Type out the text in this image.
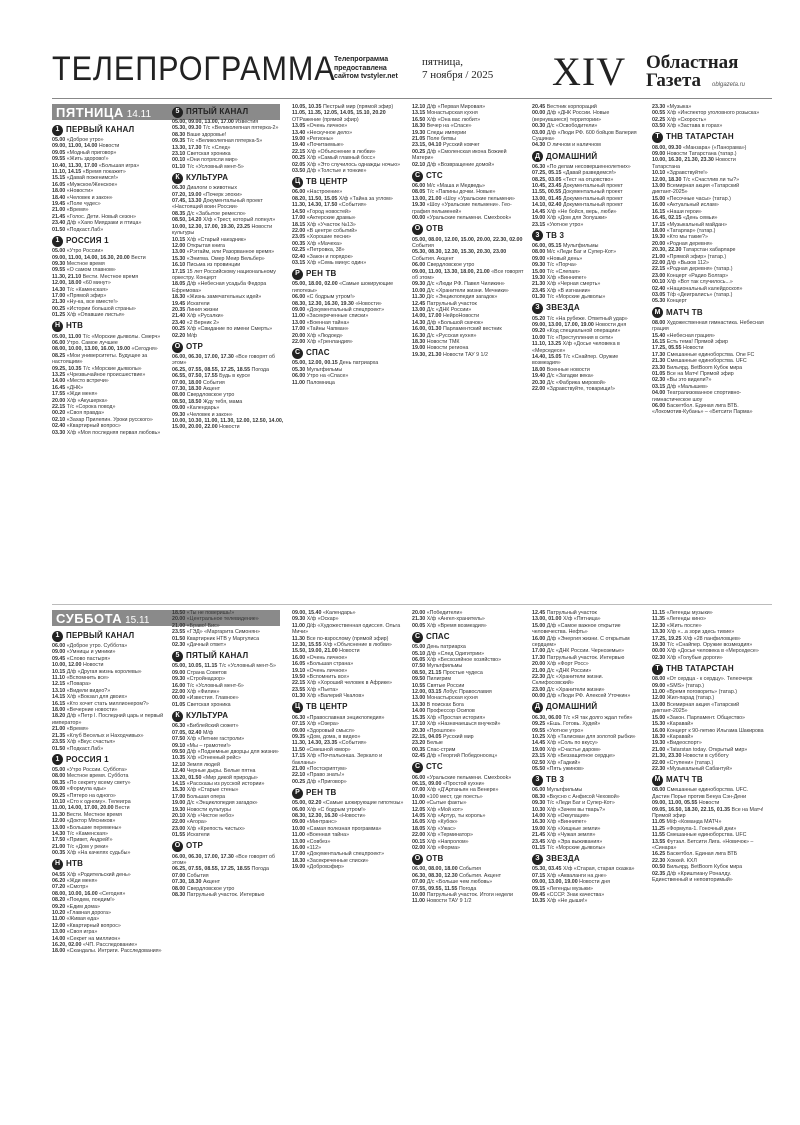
ТЕЛЕПРОГРАММА
Телепрограмма предоставлена сайтом tvstyler.net
пятница,
7 ноября / 2025 XIV Областная
Газета	oblgazeta.ru
ПЯТНИЦА 14.11
СУББОТА 15.11
1 ПЕРВЫЙ КАНАЛ

05.00 «Доброе утро»

09.00, 11.00, 14.00 Новости

09.05 «Модный приговор»

09.55 «Жить здорово!»

10.40, 11.30, 17.00 «Большая игра»

11.10, 14.15 «Время покажет»

15.15 «Давай поженимся!»

16.05 «Мужское/Женское»

18.00 «Новости»

18.40 «Человек и закон»

19.45 «Поле чудес»

21.00 «Время»

21.45 «Голос. Дети. Новый сезон»

23.40 Д/ф «Хаяо Миядзаки и птица»

01.50 «Подкаст.Лаб»

1 РОССИЯ 1

05.00 «Утро России»

09.00, 11.00, 14.00, 16.30, 20.00 Вести

09.30 Местное время

09.55 «О самом главном»

11.30, 21.10 Вести. Местное время

12.00, 18.00 «60 минут»

14.30 Т/с «Каменская»

17.00 «Прямой эфир»

21.30 «Ну-ка, все вместе!»

00.25 «Истории большой страны»

01.25 Х/ф «Опавшие листья»

Н НТВ

05.00, 11.00 Т/с «Морские дьяволы. Смерч»

06.00 Утро. Самое лучшее

08.00, 10.00, 13.00, 16.00, 19.00 «Сегодня»

08.25 «Мои университеты. Будущее за настоящим»

09.25, 10.35 Т/с «Морские дьяволы»

13.25 «Чрезвычайное происшествие»

14.00 «Место встречи»

16.45 «ДНК»

17.55 «Жди меня»

20.00 Х/ф «Акушерка»

22.15 Т/с «Сорока повод»

00.20 «Своя правда»

02.10 «Захар Прилепин. Уроки русского»

02.40 «Квартирный вопрос»

03.30 Х/ф «Моя последняя первая любовь»

5 ПЯТЫЙ КАНАЛ

05.00, 09.00, 13.00, 17.00 Известия

05.30, 09.30 Т/с «Великолепная пятерка-2»

08.30 Ваше здоровье!

09.35 Т/с «Великолепная пятерка-5»

13.30, 17.30 Т/с «След»

23.10 Светская хроника

00.10 «Они потрясли мир»

01.10 Т/с «Условный мент-5»

К КУЛЬТУРА

06.30 Диалоги о животных

07.20, 19.00 «Почерк эпохи»

07.45, 13.30 Документальный проект «Настоящий воин России»

08.35 Д/с «Забытое ремесло»

08.50, 14.20 Х/ф «Трест, который лопнул»

10.00, 12.30, 17.00, 19.30, 23.25 Новости культуры

10.15 Х/ф «Старый наездник»

12.00 Открытая книга

13.00 «Рэггайм, или Разорванное время»

15.30 «Энигма. Омер Меир Вельбер»

16.10 Письма из провинции

17.15 15 лет Российскому национальному оркестру. Концерт

18.05 Д/ф «Небесная усадьба Федора Ефремова»

18.30 «Жизнь замечательных идей»

19.45 Искатели

20.35 Линия жизни

21.40 Х/ф «Русалки»

23.40 «2 Верник 2»

00.25 Х/ф «Свидание по имени Смерть»

02.20 М/ф

О ОТР

06.00, 06.30, 17.00, 17.30 «Все говорят об этом»

06.25, 07.55, 08.55, 17.25, 18.55 Погода

06.55, 07.50, 17.55 Будь в курсе

07.00, 18.00 События

07.30, 18.30 Акцент

08.00 Свердловское утро

08.50, 18.50 Жду тебя, мама

09.00 «Календарь»

09.30 «Человек и закон»

10.00, 10.30, 11.00, 11.30, 12.00, 12.50, 14.00, 15.00, 20.00, 22.00 Новости

10.05, 10.35 Пестрый мир (прямой эфир)

11.05, 11.35, 12.05, 14.05, 15.10, 20.20 ОТРажение (прямой эфир)

13.05 «Очень личное»

13.40 «Нескучное дело»

19.00 «Регионы»

19.40 «Почитаемые»

22.15 Х/ф «Объяснение в любви»

00.25 Х/ф «Самый главный босс»

02.05 Х/ф «Это случилось однажды ночью»

03.50 Д/ф «Толстые и тонкие»

Ц ТВ ЦЕНТР

06.00 «Настроение»

08.20, 11.50, 15.05 Х/ф «Тайна за углом»

11.30, 14.30, 17.50 «События»

14.50 «Город новостей»

17.00 «Актерские драмы»

18.15 Х/ф «Участок №13»

22.00 «В центре событий»

23.05 «Хорошие песни»

00.35 Х/ф «Мачеха»

02.25 «Петровка, 38»

02.40 «Закон и порядок»

03.15 Х/ф «Семь минус один»

Р РЕН ТВ

05.00, 18.00, 02.00 «Самые шокирующие гипотезы»

06.00 «С бодрым утром!»

08.30, 12.30, 16.30, 19.30 «Новости»

09.00 «Документальный спецпроект»

11.00 «Засекреченные списки»

13.00 «Военная тайна»

17.00 «Тайны Чапман»

20.00 Х/ф «Людоед»

22.00 Х/ф «Гренландия»

С СПАС

05.00, 12.00, 00.15 День патриарха

05.30 Мультфильмы

06.00 Утро на «Спасе»

11.00 Паломница

12.10 Д/ф «Первая Мировая»

13.15 Монастырская кухня

16.50 Х/ф «Она вас любит»

18.30 Вечер на «Спасе»

19.30 Следы империи

21.05 Поле битвы

23.15, 04.10 Русский ковчег

00.25 Д/ф «Смоленская икона Божией Матери»

02.10 Д/ф «Возвращение домой»

С СТС

06.00 М/с «Маша и Медведь»

08.05 Т/с «Папины дочки. Новые»

13.00, 21.00 «Шоу «Уральские пельмени»

19.30 «Шоу «Уральские пельмени». Гео-графия пельменей»

00.00 «Уральские пельмени. Смехbook»

О ОТВ

05.00, 08.00, 12.00, 15.00, 20.00, 22.30, 02.00 События

05.30, 08.30, 12.30, 15.30, 20.30, 23.00 События. Акцент

06.00 Свердловское утро

09.00, 11.00, 13.30, 18.00, 21.00 «Все говорят об этом»

09.30 Д/с «Люди РФ. Павел Чиликин»

10.00 Д/с «Хранители жизни. Мечники»

11.30 Д/с «Энциклопедия загадок»

12.45 Патрульный участок

13.00 Д/с «ДНК России»

14.00, 17.00 НейроНовости

14.30 Д/ф «Большой скачок»

16.00, 01.30 Парламентский вестник

16.30 Д/с «Русская кухня»

18.30 Новости ТМК

19.00 Новости региона

19.30, 21.30 Новости ТАУ 9 1/2

20.45 Вестник корпораций

00.00 Д/ф «ДНК России. Новые (вернувшиеся) территории»

00.30 Д/с «Освободители»

03.00 Д/ф «Люди РФ. 600 бойцов Валерия Сущина»

04.30 О личном и наличном

Д ДОМАШНИЙ

06.30 «По делам несовершеннолетних»

07.25, 05.15 «Давай разведемся!»

08.25, 03.05 «Тест на отцовство»

10.45, 23.45 Документальный проект

11.55, 00.55 Документальный проект

13.00, 01.45 Документальный проект

14.10, 02.40 Документальный проект

14.45 Х/ф «Не бойся, верь, люби»

19.00 Х/ф «Дом для Золушки»

23.15 «Уютное утро»

3 ТВ 3

06.00, 05.15 Мультфильмы

08.00 М/с «Леди Баг и Супер-Кот»

09.00 «Новый день»

09.30 Т/с «Порча»

15.00 Т/с «Слепая»

19.30 Х/ф «Виннипег»

21.30 Х/ф «Черная смерть»

23.45 Х/ф «В изгнании»

01.30 Т/с «Морские дьяволы»

З ЗВЕЗДА

05.20 Т/с «На рубеже. Ответный удар»

09.00, 13.00, 17.00, 19.00 Новости дня

09.20 «Код специальной операции»

10.00 Т/с «Преступления в сети»

11.10, 13.25 Х/ф «Досье человека в «Мерседесе»

14.40, 15.05 Т/с «Снайпер. Оружие возмездия»

18.00 Военные новости

19.40 Д/с «Загадки века»

20.30 Д/с «Фабрика мировой»

22.00 «Здравствуйте, товарищи!»

23.30 «Музыка»

00.55 Х/ф «Инспектор уголовного розыска»

02.25 Х/ф «Скорость»

03.50 Х/ф «Застава в горах»

Т ТНВ ТАТАРСТАН

08.00, 09.30 «Манзара» («Панорама»)

09.00 Новости Татарстана (татар.)

10.00, 16.30, 21.30, 23.30 Новости Татарстана

10.10 «Здравствуйте!»

12.00, 18.30 Т/с «Счастлив ли ты?»

13.00 Всемирная акция «Татарский диктант-2025»

15.00 «Песочные часы» (татар.)

16.00 «Актуальный ислам»

16.15 «Наши герои»

16.45, 02.15 «День семьи»

17.15 «Музыкальный майдан»

18.00 «Татарлар» (татар.)

19.30 «Кто мы такие?»

20.00 «Родная деревня»

20.30, 22.30 Татарстан хабарларе

21.00 «Прямой эфир» (татар.)

22.00 Д/ф «Вызов 112»

22.15 «Родная деревня» (татар.)

23.00 Концерт «Радио Болгар»

00.10 Х/ф «Вот так случилось...»

02.40 «Национальный калейдоскоп»

03.05 Т/ф «Деигралисъ» (татар.)

05.30 Концерт

М МАТЧ ТВ

08.00 Художественная гимнастика. Небесная грация

15.40 «Небесная грация»

16.15 Есть тема! Прямой эфир

17.25, 05.55 Новости

17.30 Смешанные единоборства. One FC

21.30 Смешанные единоборства. UFC

23.30 Бильярд. BetBoom Кубок мира

01.05 Все на Матч! Прямой эфир

02.30 «Вы это видели?»

03.15 Д/ф «Малышев»

04.00 Театрализованное спортивно-гимнастическое шоу

06.00 Баскетбол. Единая лига ВТБ. «Локомотив-Кубань» – «Бетсити Парма»

1 ПЕРВЫЙ КАНАЛ

06.00 «Доброе утро. Суббота»

09.00 «Умницы и умники»

09.45 «Слово пастыря»

10.00, 12.00 Новости

10.15 Д/ф «Другая жизнь королевы»

11.10 «Вспомнить все»

12.15 «Повара»

13.10 «Видели видео?»

14.15 Х/ф «Вокзал для двоих»

16.15 «Кто хочет стать миллионером?»

18.00 «Вечерние новости»

18.20 Д/ф «Петр I. Последний царь и первый император»

21.00 «Время»

21.35 «Клуб Веселых и Находчивых»

23.55 Х/ф «Вкус счастья»

01.50 «Подкаст.Лаб»

1 РОССИЯ 1

05.00 «Утро России. Суббота»

08.00 Местное время. Суббота

08.35 «По секрету всему свету»

09.00 «Формула еды»

09.25 «Пятеро на одного»

10.10 «Сто к одному». Телеигра

11.00, 14.00, 17.00, 20.00 Вести

11.30 Вести. Местное время

12.00 «Доктор Мясников»

13.00 «Большие перемены»

14.30 Т/с «Каменская»

17.50 «Привет, Андрей!»

21.00 Т/с «Дом у реки»

00.35 Х/ф «На качелях судьбы»

Н НТВ

04.55 Х/ф «Родительский день»

06.20 «Жди меня»

07.20 «Смотр»

08.00, 10.00, 16.00 «Сегодня»

08.20 «Поедем, поедим!»

09.20 «Едим дома»

10.20 «Главная дорога»

11.00 «Живая еда»

12.00 «Квартирный вопрос»

13.00 «Своя игра»

14.00 «Секрет на миллион»

16.20, 02.00 «ЧП. Расследование»

18.00 «Скандалы. Интриги. Расследования»

18.50 «Ты не поверишь!»

20.00 «Центральное телевидение»

21.00 «Браво! Бис»

23.55 «ГЭД» «Маргарита Симонян»

01.50 Квартирник НТВ у Маргулиса

02.30 «Дачный ответ»

5 ПЯТЫЙ КАНАЛ

05.00, 10.05, 11.15 Т/с «Условный мент-5»

09.00 Страна Советов

09.30 «Стройнадзор»

16.00 Т/с «Условный мент-6»

22.00 Х/ф «Филин»

00.00 «Известия. Главное»

01.05 Светская хроника

К КУЛЬТУРА

06.30 «Библейский сюжет»

07.05, 02.40 М/ф

07.50 Х/ф «Летние гастроли»

09.10 «Мы – грамотеи!»

09.50 Д/ф «Подземные дворцы для жизни»

10.35 Х/ф «Огненный рейс»

12.10 Земля людей

12.40 Черные дыры. Белые пятна

13.20, 01.50 «Мир дикой природы»

14.15 «Рассказы из русской истории»

15.30 Х/ф «Старые стены»

17.00 Большая опера

19.00 Д/с «Энциклопедия загадок»

19.30 Новости культуры

20.10 Х/ф «Чистое небо»

22.00 «Агора»

23.00 Х/ф «Крепость чистых»

01.55 Искатели

О ОТР

06.00, 06.30, 17.00, 17.30 «Все говорят об этом»

06.25, 07.55, 08.55, 17.25, 18.55 Погода

07.00 События

07.30, 18.30 Акцент

08.00 Свердловское утро

08.30 Патрульный участок. Интервью

09.00, 15.40 «Календарь»

09.30 Х/ф «Оскар»

11.00 Д/ф «Художественная одиссея. Ольга Мичи»

11.30 Все по-взрослому (прямой эфир)

12.30, 15.55 Х/ф «Объяснение в любви»

15.50, 19.00, 21.00 Новости

16.00 «Очень личное»

16.05 «Большая страна»

19.10 «Очень личное»

19.50 «Вспомнить все»

22.15 Х/ф «Хороший человек в Африке»

23.55 Х/ф «Пьета»

01.30 Х/ф «Валерий Чкалов»

Ц ТВ ЦЕНТР

06.30 «Православная энциклопедия»

07.15 Х/ф «Озера»

09.00 «Здоровый смысл»

09.35 «Дом, дома, в видео»

11.30, 14.30, 23.35 «События»

11.50 «Смешной юмор»

17.15 Х/ф «Почтальонша. Зеркало и бакланы»

21.00 «Постскриптум»

22.10 «Право знать!»

00.25 Д/ф «Приговор»

Р РЕН ТВ

05.00, 02.20 «Самые шокирующие гипотезы»

06.00 Х/ф «С бодрым утром!»

08.30, 12.30, 16.30 «Новости»

09.00 «Минтранс»

10.00 «Самая полезная программа»

11.00 «Военная тайна»

13.00 «Совбез»

16.00 «112»

17.00 «Документальный спецпроект»

18.30 «Засекреченные списки»

19.00 «Добровэфир»

20.00 «Победители»

21.30 Х/ф «Ангел-хранитель»

00.05 Х/ф «Время возмездия»

С СПАС

05.00 День патриарха

05.10 Д/ф «След Одигитрии»

06.05 Х/ф «Бесхозяйное хозяйство»

07.50 Мультфильмы

08.50, 21.15 Простые чудеса

09.50 Пилигрим

10.55 Святые России

12.00, 03.15 Лобус Православия

13.00 Монастырская кухня

13.30 В поисках Бога

14.00 Профессор Осипов

15.35 Х/ф «Простая история»

17.10 Х/ф «Назначаешься внучкой»

20.30 «Прошлое»

22.15, 04.05 Русский мир

23.20 Белые

00.35 Спас-стрим

02.45 Д/ф «Георгий Победоносец»

С СТС

06.00 «Уральские пельмени. Смехbook»

06.15, 09.00 «Простой кухни»

07.00 Х/ф «Д’Артаньян на Венере»

10.00 «100 мест, где поесть»

11.00 «Сытые факты»

12.05 Х/ф «Мой кот»

14.05 Х/ф «Артур, ты король»

16.05 Х/ф «Кубок»

18.05 Х/ф «Ужас»

22.00 Х/ф «Терминатор»

00.15 Х/ф «Напролом»

02.00 Х/ф «Форма»

О ОТВ

06.00, 08.00, 18.00 События

06.30, 08.30, 12.30 События. Акцент

07.00 Д/с «Больше чем любовь»

07.55, 09.55, 11.55 Погода

10.00 Патрульный участок. Итоги недели

11.00 Новости ТАУ 9 1/2

12.45 Патрульный участок

13.00, 01.00 Х/ф «Пятница»

15.00 Д/ф «Самое важное открытие человечества. Нефть»

16.00 Д/ф «Энергия жизни. С открытым сердцем»

17.00 Д/с «ДНК России. Черноземье»

17.30 Патрульный участок. Интервью

20.00 Х/ф «Форт Росс»

21.00 Д/с «ДНК России»

22.30 Д/с «Хранители жизни. Склифосовский»

23.00 Д/с «Хранители жизни»

00.00 Д/ф «Люди РФ. Алексей Уточкин»

Д ДОМАШНИЙ

06.30, 06.00 Т/с «Я так долго ждал тебя»

09.25 «Ешь. Готовь. Худей»

09.55 «Уютное утро»

10.25 Х/ф «Талисман для золотой рыбки»

14.45 Х/ф «Соль по вкусу»

19.00 Х/ф «Счастье даром»

23.15 Х/ф «Беззащитное сердце»

02.50 Х/ф «Гадкий»

05.50 «Пять ужинов»

3 ТВ 3

06.00 Мультфильмы

08.30 «Вкусно с Анфисой Чеховой»

09.30 Т/с «Леди Баг и Супер-Кот»

10.30 Х/ф «Зачем вы тварь?»

14.00 Х/ф «Оккупация»

16.30 Х/ф «Виннипег»

19.00 Х/ф «Хищные земли»

21.45 Х/ф «Чужая земля»

23.45 Х/ф «Эра выживания»

01.15 Т/с «Морские дьяволы»

З ЗВЕЗДА

05.30, 03.45 Х/ф «Старая, старая сказка»

07.15 Х/ф «Акваланги на дне»

09.00, 13.00, 19.00 Новости дня

09.15 «Легенды музыки»

09.45 «СССР. Знак качества»

10.35 Х/ф «Не дыши!»

11.15 «Легенды музыки»

11.35 «Легенды кино»

12.30 «Жить после»

13.30 Х/ф «...а зори здесь тихие»

17.25, 19.25 Х/ф «28 панфиловцев»

19.30 Т/с «Снайпер. Оружие возмездия»

00.00 Х/ф «Досье человека в «Мерседесе»

02.30 Х/ф «Голубые дороги»

Т ТНВ ТАТАРСТАН

08.00 «От сердца - к сердцу». Телеочерк

09.00 «SMS» (татар.)

11.00 «Время поговорить» (татар.)

12.00 Жил-парад (татар.)

13.00 Всемирная акция «Татарский диктант-2025»

15.00 «Закон. Парламент. Общество»

15.30 «Каравай»

16.00 Концерт к 90-летию Ильгама Шакирова

18.30 «Каравай»

19.30 «Видеоспорт»

21.00 «Tatarstan today. Открытый мир»

21.30, 23.30 Новости в субботу

22.00 «Ступени» (татар.)

22.30 «Музыкальный Сабантуй»

М МАТЧ ТВ

08.00 Смешанные единоборства. UFC. Дастин Порье против Бенуа Сэн-Дени

09.00, 11.00, 05.55 Новости

09.05, 16.50, 18.30, 22.15, 01.35 Все на Матч! Прямой эфир

11.05 М/ф «Команда МАТЧ»

11.25 «Формула-1. Гоночный дни»

11.55 Смешанные единоборства. UFC

13.55 Футзал. Бетсити Лига. «Новичок» – «Синара»

16.25 Баскетбол. Единая лига ВТБ

22.30 Хоккей. КХЛ

00.50 Бильярд. BetBoom Кубок мира

02.35 Д/ф «Криштиану Роналду. Единственный и неповторимый»
